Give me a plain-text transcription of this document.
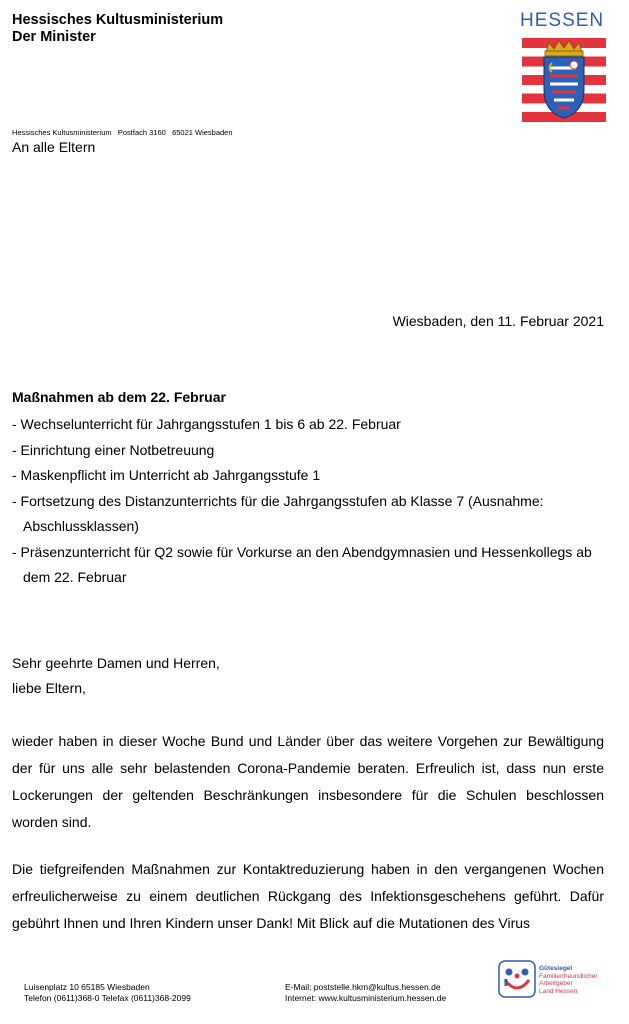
Hessisches Kultusministerium
Der Minister
HESSEN
Hessisches Kultusministerium   Postfach 3160   65021 Wiesbaden
An alle Eltern
Wiesbaden, den 11. Februar 2021
Maßnahmen ab dem 22. Februar
- Wechselunterricht für Jahrgangsstufen 1 bis 6 ab 22. Februar
- Einrichtung einer Notbetreuung
- Maskenpflicht im Unterricht ab Jahrgangsstufe 1
- Fortsetzung des Distanzunterrichts für die Jahrgangsstufen ab Klasse 7 (Ausnahme: Abschlussklassen)
- Präsenzunterricht für Q2 sowie für Vorkurse an den Abendgymnasien und Hessenkollegs ab dem 22. Februar
Sehr geehrte Damen und Herren,
liebe Eltern,
wieder haben in dieser Woche Bund und Länder über das weitere Vorgehen zur Bewältigung der für uns alle sehr belastenden Corona-Pandemie beraten. Erfreulich ist, dass nun erste Lockerungen der geltenden Beschränkungen insbesondere für die Schulen beschlossen worden sind.
Die tiefgreifenden Maßnahmen zur Kontaktreduzierung haben in den vergangenen Wochen erfreulicherweise zu einem deutlichen Rückgang des Infektionsgeschehens geführt. Dafür gebührt Ihnen und Ihren Kindern unser Dank! Mit Blick auf die Mutationen des Virus
Luisenplatz 10 65185 Wiesbaden
Telefon (0611)368-0 Telefax (0611)368-2099
E-Mail: poststelle.hkm@kultus.hessen.de
Internet: www.kultusministerium.hessen.de
Gütesiegel
Familienfreundlicher
Arbeitgeber
Land Hessen
